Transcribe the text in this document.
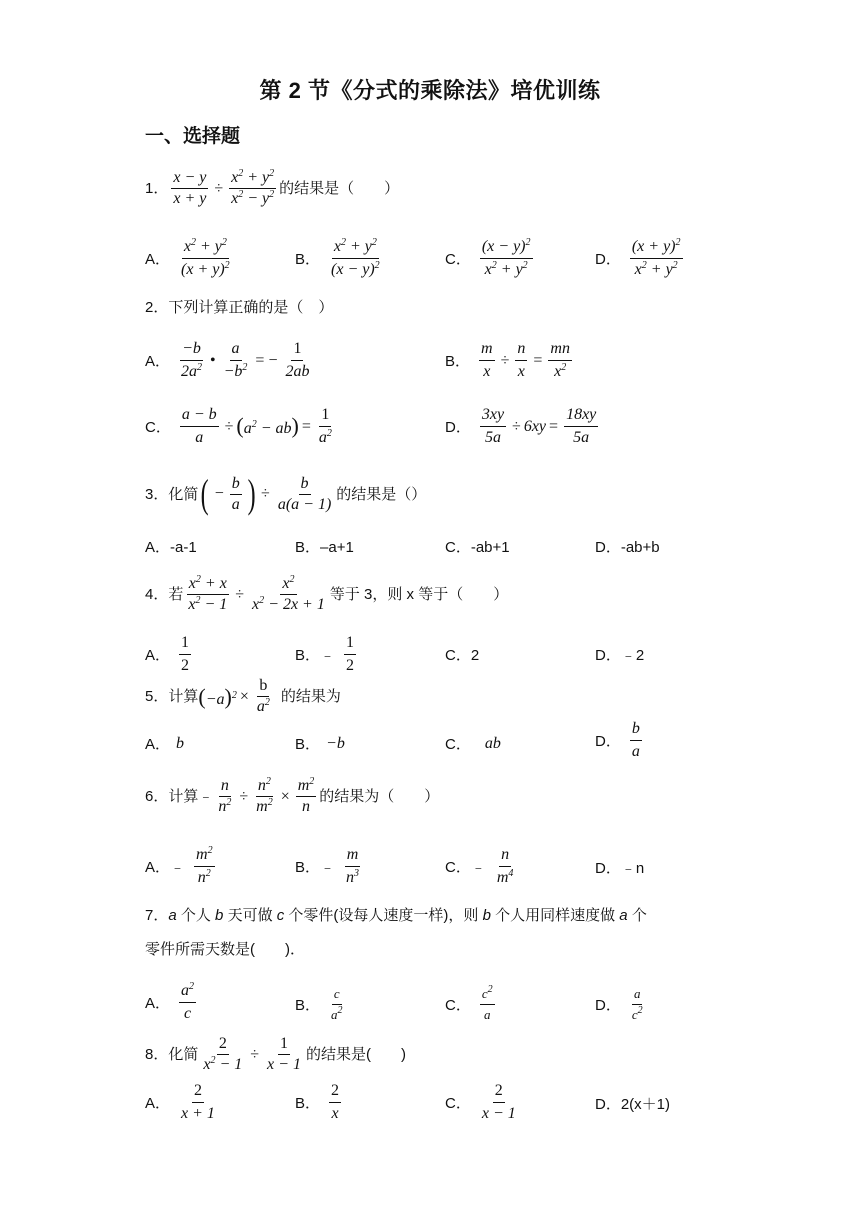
第 2 节《分式的乘除法》培优训练
一、选择题
1． $\frac{x - y}{x + y} \div \frac{x^2 + y^2}{x^2 - y^2}$ 的结果是（　　）
A． $\frac{x^2 + y^2}{(x + y)^2}$	B． $\frac{x^2 + y^2}{(x - y)^2}$	C． $\frac{(x - y)^2}{x^2 + y^2}$	D． $\frac{(x + y)^2}{x^2 + y^2}$
2． 下列计算正确的是（　）
A． $\frac{-b}{2a^2}$ • $\frac{a}{-b^2}$ = − $\frac{1}{2ab}$	B． $\frac{m}{x} \div \frac{n}{x} = \frac{mn}{x^2}$
C． $\frac{a - b}{a} \div (a^2 - ab) = \frac{1}{a^2}$	D． $\frac{3xy}{5a} \div 6xy = \frac{18xy}{5a}$
3． 化简 ( − $\frac{b}{a}$ ) ÷ $\frac{b}{a(a - 1)}$ 的结果是（）
A．-a-1	B．–a+1	C．-ab+1	D．-ab+b
4． 若 $\frac{x^2 + x}{x^2 - 1} \div \frac{x^2}{x^2 - 2x + 1}$ 等于 3，则 x 等于（　　）
A． $\frac{1}{2}$	B．﹣ $\frac{1}{2}$	C．2	D．﹣2
5． 计算 $(-a)^2 \times \frac{b}{a^2}$ 的结果为
A． b	B． −b	C． ab	D． $\frac{b}{a}$
6． 计算﹣ $\frac{n}{n^2} \div \frac{n^2}{m^2} \times \frac{m^2}{n}$ 的结果为（　　）
A．﹣ $\frac{m^2}{n^2}$	B．﹣ $\frac{m}{n^3}$	C．﹣ $\frac{n}{m^4}$	D．﹣n
7． a
个人
b
天可做
c
个零件(设每人速度一样)，则
b
个人用同样速度做
a
个
零件所需天数是(　　)．
A． $\frac{a^2}{c}$	B． $\frac{c}{a^2}$	C． $\frac{c^2}{a}$	D． $\frac{a}{c^2}$
8． 化简 $\frac{2}{x^2 - 1} \div \frac{1}{x - 1}$ 的结果是(　　)
A． $\frac{2}{x + 1}$	B． $\frac{2}{x}$	C． $\frac{2}{x - 1}$	D．2(x＋1)
